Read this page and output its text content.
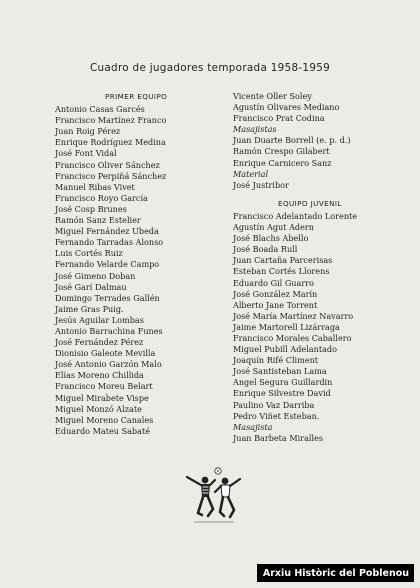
Cuadro de jugadores temporada 1958-1959
PRIMER EQUIPO
Antonio Casas Garcés
Francisco Martínez Franco
Juan Roig Pérez
Enrique Rodríguez Medina
José Font Vidal
Francisco Oliver Sánchez
Francisco Perpiñá Sánchez
Manuel Ribas Vivet
Francisco Royo García
José Cosp Brunes
Ramón Sanz Estelier
Miguel Fernández Ubeda
Fernando Tarradas Alonso
Luis Cortés Ruiz
Fernando Velarde Campo
José Gimeno Doban
José Garí Dalmau
Domingo Terrades Gallén
Jaime Gras Puig.
Jesús Aguilar Lombas
Antonio Barrachina Funes
José Fernández Pérez
Dionisio Galeote Mevilla
José Antonio Garzón Malo
Elías Moreno Chillida
Francisco Moreu Belart
Miguel Mirabete Vispe
Miguel Monzó Alzate
Miguel Moreno Canales
Eduardo Mateu Sabaté
Vicente Oller Soley
Agustín Olivares Mediano
Francisco Prat Codina
Masajistas
Juan Duarte Borrell (e. p. d.)
Ramón Crespo Gilabert
Enrique Carnicero Sanz
Material
José Justribor
EQUIPO JUVENIL
Francisco Adelantado Lorente
Agustín Agut Adern
José Blachs Abello
José Boada Rull
Juan Cartaña Parcerisas
Esteban Cortés Llorens
Eduardo Gil Guarro
José González Marín
Alberto Jane Torrent
José María Martínez Navarro
Jaime Martorell Lizárraga
Francisco Morales Caballero
Miguel Pubill Adelantado
Joaquín Rifé Climent
José Santisteban Lama
Angel Segura Guillardin
Enrique Silvestre David
Paulino Vaz Darriba
Pedro Viñet Esteban.
Masajista
Juan Barbeta Miralles
Arxiu Històric del Poblenou
